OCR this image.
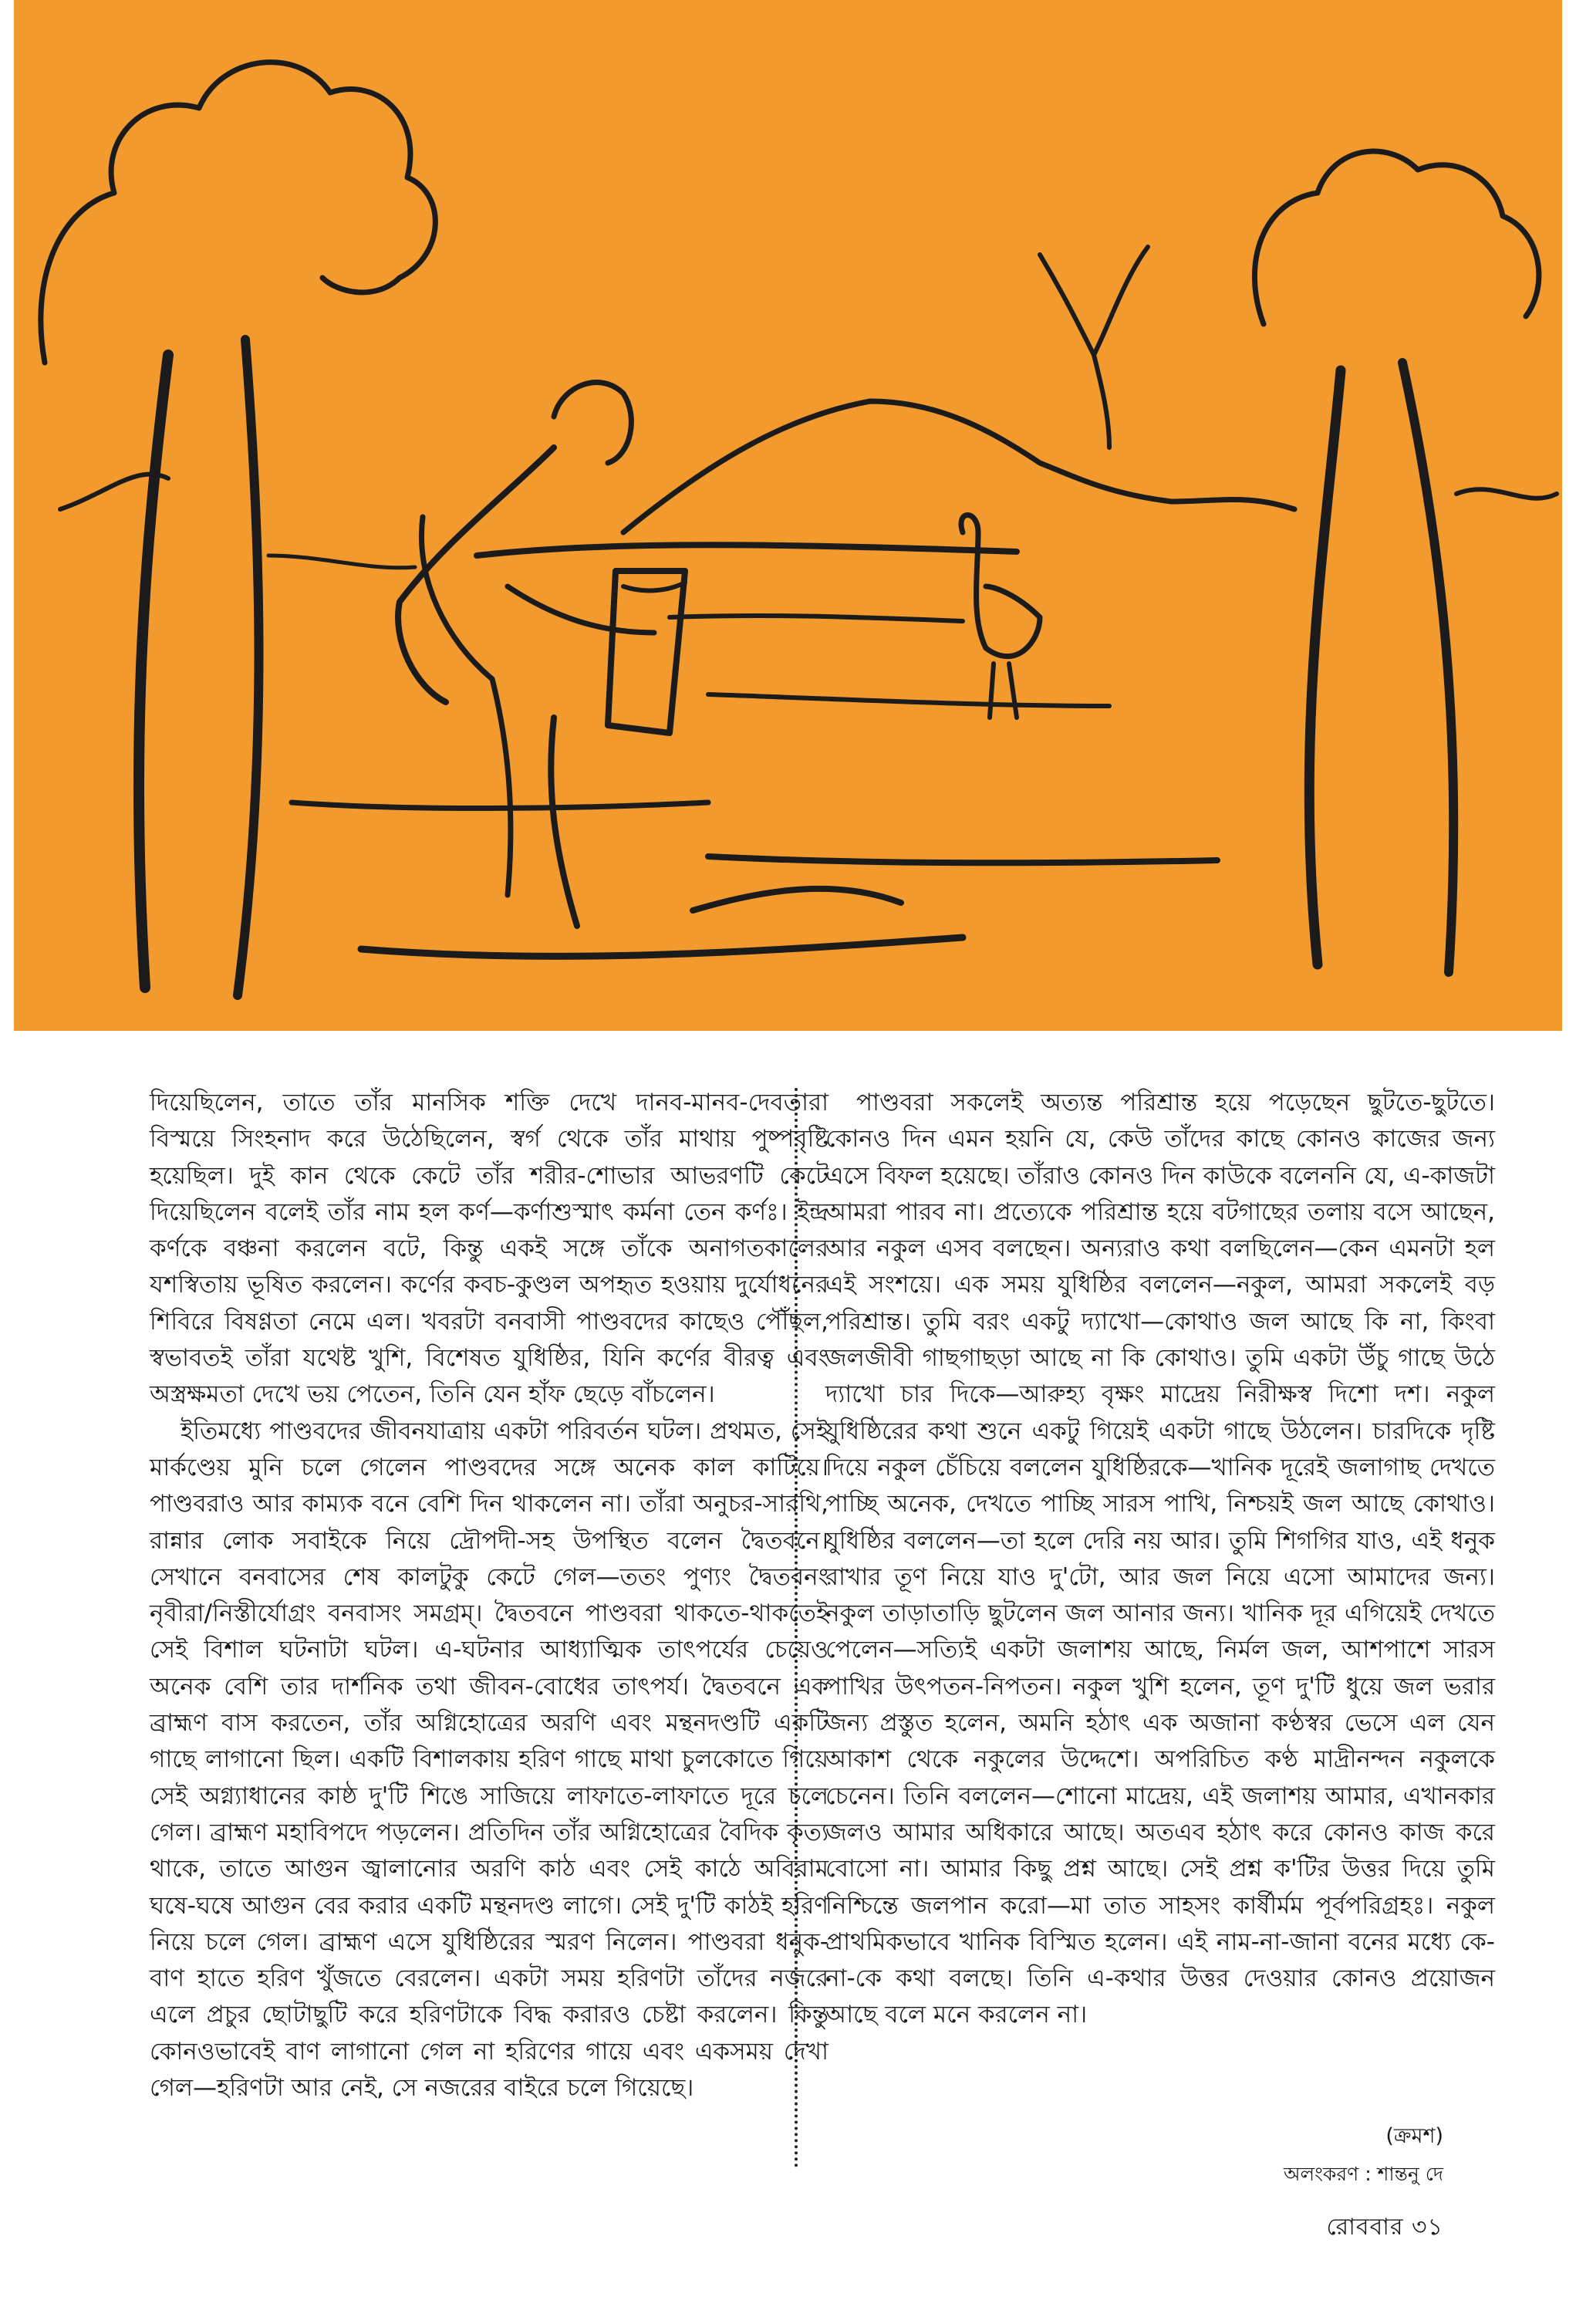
দিয়েছিলেন, তাতে তাঁর মানসিক শক্তি দেখে দানব-মানব-দেবতারা বিস্ময়ে সিংহনাদ করে উঠেছিলেন, স্বর্গ থেকে তাঁর মাথায় পুষ্পবৃষ্টি হয়েছিল। দুই কান থেকে কেটে তাঁর শরীর-শোভার আভরণটি কেটে দিয়েছিলেন বলেই তাঁর নাম হল কর্ণ—কর্ণাশুস্মাৎ কর্মনা তেন কর্ণঃ। ইন্দ্র কর্ণকে বঞ্চনা করলেন বটে, কিন্তু একই সঙ্গে তাঁকে অনাগতকালের যশস্বিতায় ভূষিত করলেন। কর্ণের কবচ-কুণ্ডল অপহৃত হওয়ায় দুর্যোধনের শিবিরে বিষণ্ণতা নেমে এল। খবরটা বনবাসী পাণ্ডবদের কাছেও পৌঁছল, স্বভাবতই তাঁরা যথেষ্ট খুশি, বিশেষত যুধিষ্ঠির, যিনি কর্ণের বীরত্ব এবং অস্ত্রক্ষমতা দেখে ভয় পেতেন, তিনি যেন হাঁফ ছেড়ে বাঁচলেন।

ইতিমধ্যে পাণ্ডবদের জীবনযাত্রায় একটা পরিবর্তন ঘটল। প্রথমত, সেই মার্কণ্ডেয় মুনি চলে গেলেন পাণ্ডবদের সঙ্গে অনেক কাল কাটিয়ে। পাণ্ডবরাও আর কাম্যক বনে বেশি দিন থাকলেন না। তাঁরা অনুচর-সারথি, রান্নার লোক সবাইকে নিয়ে দ্রৌপদী-সহ উপস্থিত বলেন দ্বৈতবনে। সেখানে বনবাসের শেষ কালটুকু কেটে গেল—ততং পুণ্যং দ্বৈতবনং নৃবীরা/নিস্তীর্যোগ্রং বনবাসং সমগ্রম্। দ্বৈতবনে পাণ্ডবরা থাকতে-থাকতেই সেই বিশাল ঘটনাটা ঘটল। এ-ঘটনার আধ্যাত্মিক তাৎপর্যের চেয়েও অনেক বেশি তার দার্শনিক তথা জীবন-বোধের তাৎপর্য। দ্বৈতবনে এক ব্রাহ্মণ বাস করতেন, তাঁর অগ্নিহোত্রের অরণি এবং মন্থনদণ্ডটি একটি গাছে লাগানো ছিল। একটি বিশালকায় হরিণ গাছে মাথা চুলকোতে গিয়ে সেই অগ্ন্যাধানের কাষ্ঠ দু'টি শিঙে সাজিয়ে লাফাতে-লাফাতে দূরে চলে গেল। ব্রাহ্মণ মহাবিপদে পড়লেন। প্রতিদিন তাঁর অগ্নিহোত্রের বৈদিক কৃত্য থাকে, তাতে আগুন জ্বালানোর অরণি কাঠ এবং সেই কাঠে অবিরাম ঘষে-ঘষে আগুন বের করার একটি মন্থনদণ্ড লাগে। সেই দু'টি কাঠই হরিণ নিয়ে চলে গেল। ব্রাহ্মণ এসে যুধিষ্ঠিরের স্মরণ নিলেন। পাণ্ডবরা ধনুক-বাণ হাতে হরিণ খুঁজতে বেরলেন। একটা সময় হরিণটা তাঁদের নজরে এলে প্রচুর ছোটাছুটি করে হরিণটাকে বিদ্ধ করারও চেষ্টা করলেন। কিন্তু কোনওভাবেই বাণ লাগানো গেল না হরিণের গায়ে এবং একসময় দেখা গেল—হরিণটা আর নেই, সে নজরের বাইরে চলে গিয়েছে।

পাণ্ডবরা সকলেই অত্যন্ত পরিশ্রান্ত হয়ে পড়েছেন ছুটতে-ছুটতে। কোনও দিন এমন হয়নি যে, কেউ তাঁদের কাছে কোনও কাজের জন্য এসে বিফল হয়েছে। তাঁরাও কোনও দিন কাউকে বলেননি যে, এ-কাজটা আমরা পারব না। প্রত্যেকে পরিশ্রান্ত হয়ে বটগাছের তলায় বসে আছেন, আর নকুল এসব বলছেন। অন্যরাও কথা বলছিলেন—কেন এমনটা হল এই সংশয়ে। এক সময় যুধিষ্ঠির বললেন—নকুল, আমরা সকলেই বড় পরিশ্রান্ত। তুমি বরং একটু দ্যাখো—কোথাও জল আছে কি না, কিংবা জলজীবী গাছগাছড়া আছে না কি কোথাও। তুমি একটা উঁচু গাছে উঠে দ্যাখো চার দিকে—আরুহ্য বৃক্ষং মাদ্রেয় নিরীক্ষস্ব দিশো দশ। নকুল যুধিষ্ঠিরের কথা শুনে একটু গিয়েই একটা গাছে উঠলেন। চারদিকে দৃষ্টি দিয়ে নকুল চেঁচিয়ে বললেন যুধিষ্ঠিরকে—খানিক দূরেই জলাগাছ দেখতে পাচ্ছি অনেক, দেখতে পাচ্ছি সারস পাখি, নিশ্চয়ই জল আছে কোথাও। যুধিষ্ঠির বললেন—তা হলে দেরি নয় আর। তুমি শিগগির যাও, এই ধনুক রাখার তূণ নিয়ে যাও দু'টো, আর জল নিয়ে এসো আমাদের জন্য। নকুল তাড়াতাড়ি ছুটলেন জল আনার জন্য। খানিক দূর এগিয়েই দেখতে পেলেন—সত্যিই একটা জলাশয় আছে, নির্মল জল, আশপাশে সারস পাখির উৎপতন-নিপতন। নকুল খুশি হলেন, তূণ দু'টি ধুয়ে জল ভরার জন্য প্রস্তুত হলেন, অমনি হঠাৎ এক অজানা কণ্ঠস্বর ভেসে এল যেন আকাশ থেকে নকুলের উদ্দেশে। অপরিচিত কণ্ঠ মাদ্রীনন্দন নকুলকে চেনেন। তিনি বললেন—শোনো মাদ্রেয়, এই জলাশয় আমার, এখানকার জলও আমার অধিকারে আছে। অতএব হঠাৎ করে কোনও কাজ করে বোসো না। আমার কিছু প্রশ্ন আছে। সেই প্রশ্ন ক'টির উত্তর দিয়ে তুমি নিশ্চিন্তে জলপান করো—মা তাত সাহসং কার্ষীর্মম পূর্বপরিগ্রহঃ। নকুল প্রাথমিকভাবে খানিক বিস্মিত হলেন। এই নাম-না-জানা বনের মধ্যে কে-না-কে কথা বলছে। তিনি এ-কথার উত্তর দেওয়ার কোনও প্রয়োজন আছে বলে মনে করলেন না।

(ক্রমশ)
অলংকরণ : শান্তনু দে
রোববার ৩১
